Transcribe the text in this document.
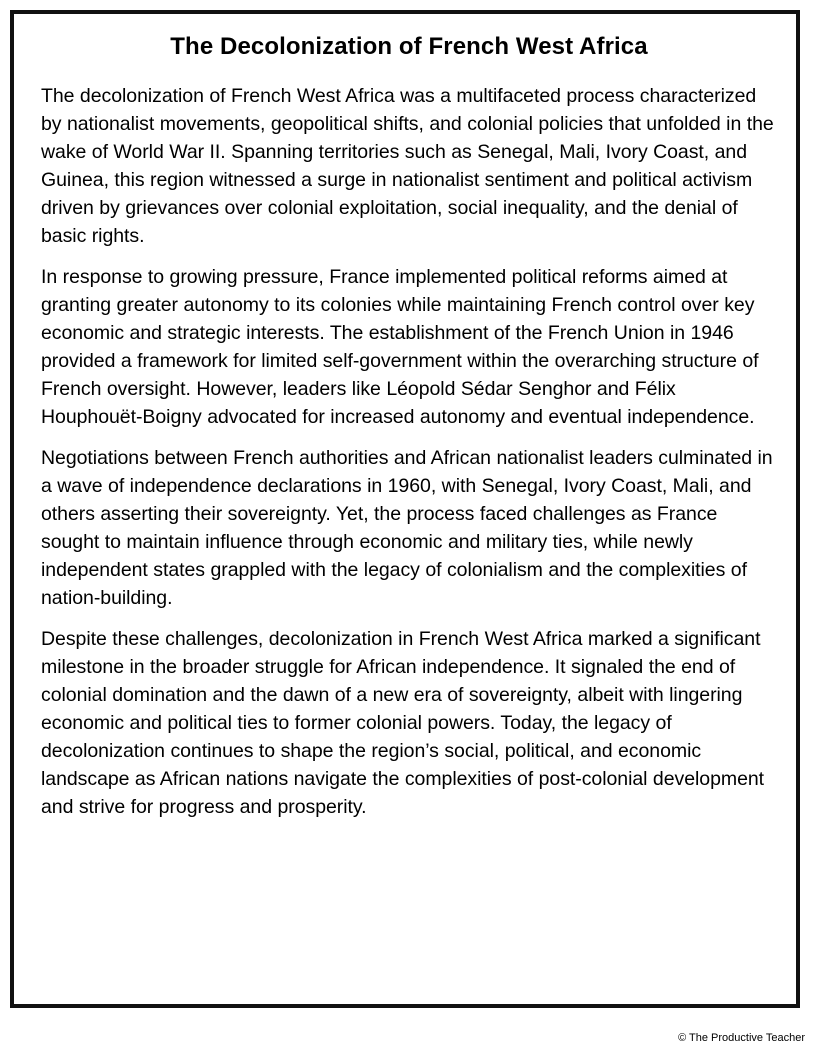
The Decolonization of French West Africa

The decolonization of French West Africa was a multifaceted process characterized by nationalist movements, geopolitical shifts, and colonial policies that unfolded in the wake of World War II. Spanning territories such as Senegal, Mali, Ivory Coast, and Guinea, this region witnessed a surge in nationalist sentiment and political activism driven by grievances over colonial exploitation, social inequality, and the denial of basic rights.

In response to growing pressure, France implemented political reforms aimed at granting greater autonomy to its colonies while maintaining French control over key economic and strategic interests. The establishment of the French Union in 1946 provided a framework for limited self-government within the overarching structure of French oversight. However, leaders like Léopold Sédar Senghor and Félix Houphouët-Boigny advocated for increased autonomy and eventual independence.

Negotiations between French authorities and African nationalist leaders culminated in a wave of independence declarations in 1960, with Senegal, Ivory Coast, Mali, and others asserting their sovereignty. Yet, the process faced challenges as France sought to maintain influence through economic and military ties, while newly independent states grappled with the legacy of colonialism and the complexities of nation-building.

Despite these challenges, decolonization in French West Africa marked a significant milestone in the broader struggle for African independence. It signaled the end of colonial domination and the dawn of a new era of sovereignty, albeit with lingering economic and political ties to former colonial powers. Today, the legacy of decolonization continues to shape the region’s social, political, and economic landscape as African nations navigate the complexities of post-colonial development and strive for progress and prosperity.

© The Productive Teacher
